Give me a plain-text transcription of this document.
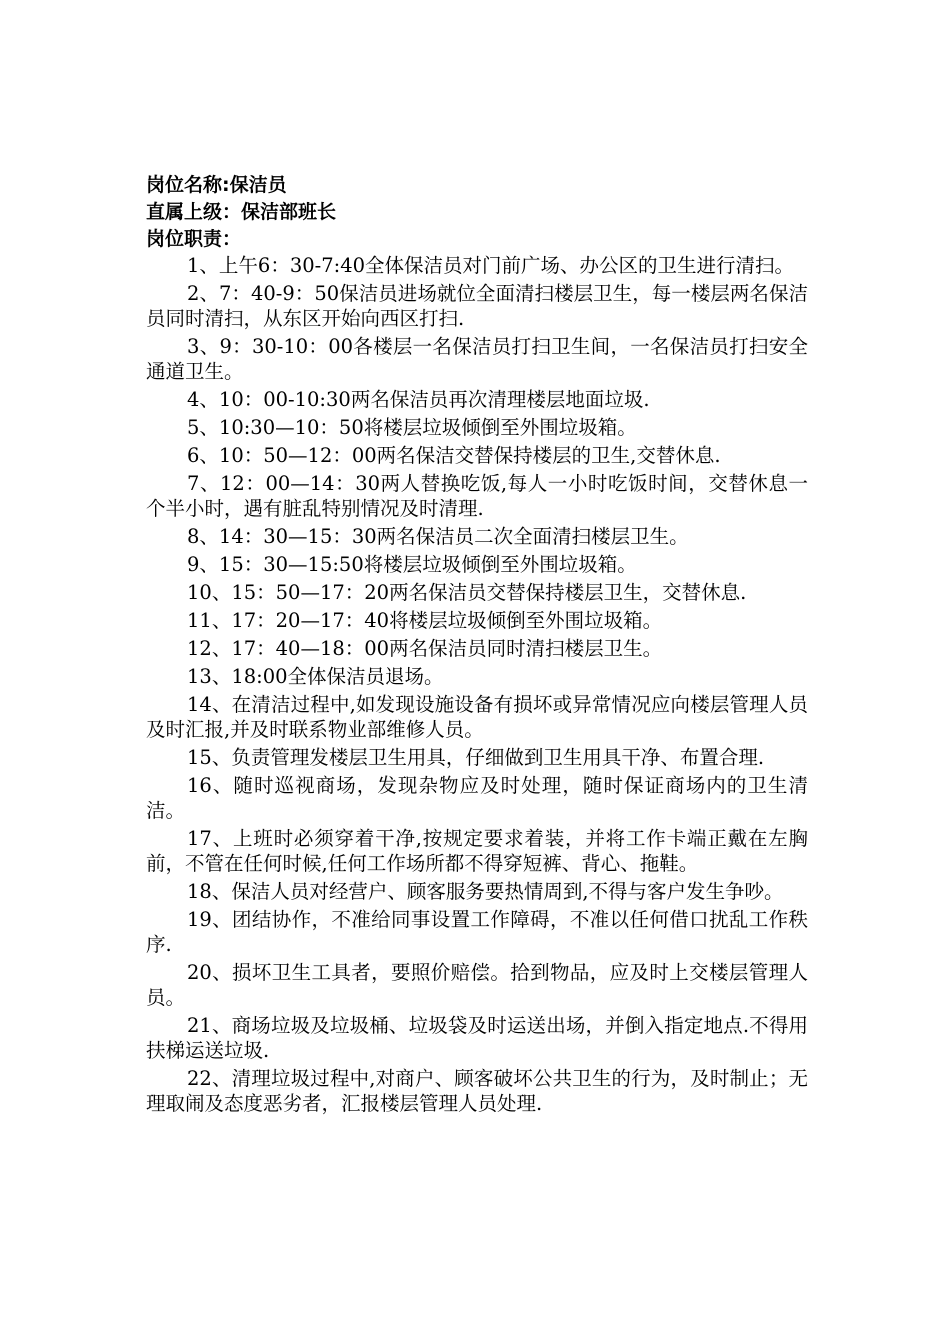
岗位名称:保洁员
直属上级：保洁部班长
岗位职责：

1、上午6：30-7:40全体保洁员对门前广场、办公区的卫生进行清扫。

2、7：40-9：50保洁员进场就位全面清扫楼层卫生，每一楼层两名保洁员同时清扫，从东区开始向西区打扫.

3、9：30-10：00各楼层一名保洁员打扫卫生间，一名保洁员打扫安全通道卫生。

4、10：00-10:30两名保洁员再次清理楼层地面垃圾.

5、10:30—10：50将楼层垃圾倾倒至外围垃圾箱。

6、10：50—12：00两名保洁交替保持楼层的卫生,交替休息.

7、12：00—14：30两人替换吃饭,每人一小时吃饭时间，交替休息一个半小时，遇有脏乱特别情况及时清理.

8、14：30—15：30两名保洁员二次全面清扫楼层卫生。

9、15：30—15:50将楼层垃圾倾倒至外围垃圾箱。

10、15：50—17：20两名保洁员交替保持楼层卫生，交替休息.

11、17：20—17：40将楼层垃圾倾倒至外围垃圾箱。

12、17：40—18：00两名保洁员同时清扫楼层卫生。

13、18:00全体保洁员退场。

14、在清洁过程中,如发现设施设备有损坏或异常情况应向楼层管理人员及时汇报,并及时联系物业部维修人员。

15、负责管理发楼层卫生用具，仔细做到卫生用具干净、布置合理.

16、随时巡视商场，发现杂物应及时处理，随时保证商场内的卫生清洁。

17、上班时必须穿着干净,按规定要求着装，并将工作卡端正戴在左胸前，不管在任何时候,任何工作场所都不得穿短裤、背心、拖鞋。

18、保洁人员对经营户、顾客服务要热情周到,不得与客户发生争吵。

19、团结协作，不准给同事设置工作障碍，不准以任何借口扰乱工作秩序.

20、损坏卫生工具者，要照价赔偿。拾到物品，应及时上交楼层管理人员。

21、商场垃圾及垃圾桶、垃圾袋及时运送出场，并倒入指定地点.不得用扶梯运送垃圾.

22、清理垃圾过程中,对商户、顾客破坏公共卫生的行为，及时制止；无理取闹及态度恶劣者，汇报楼层管理人员处理.
